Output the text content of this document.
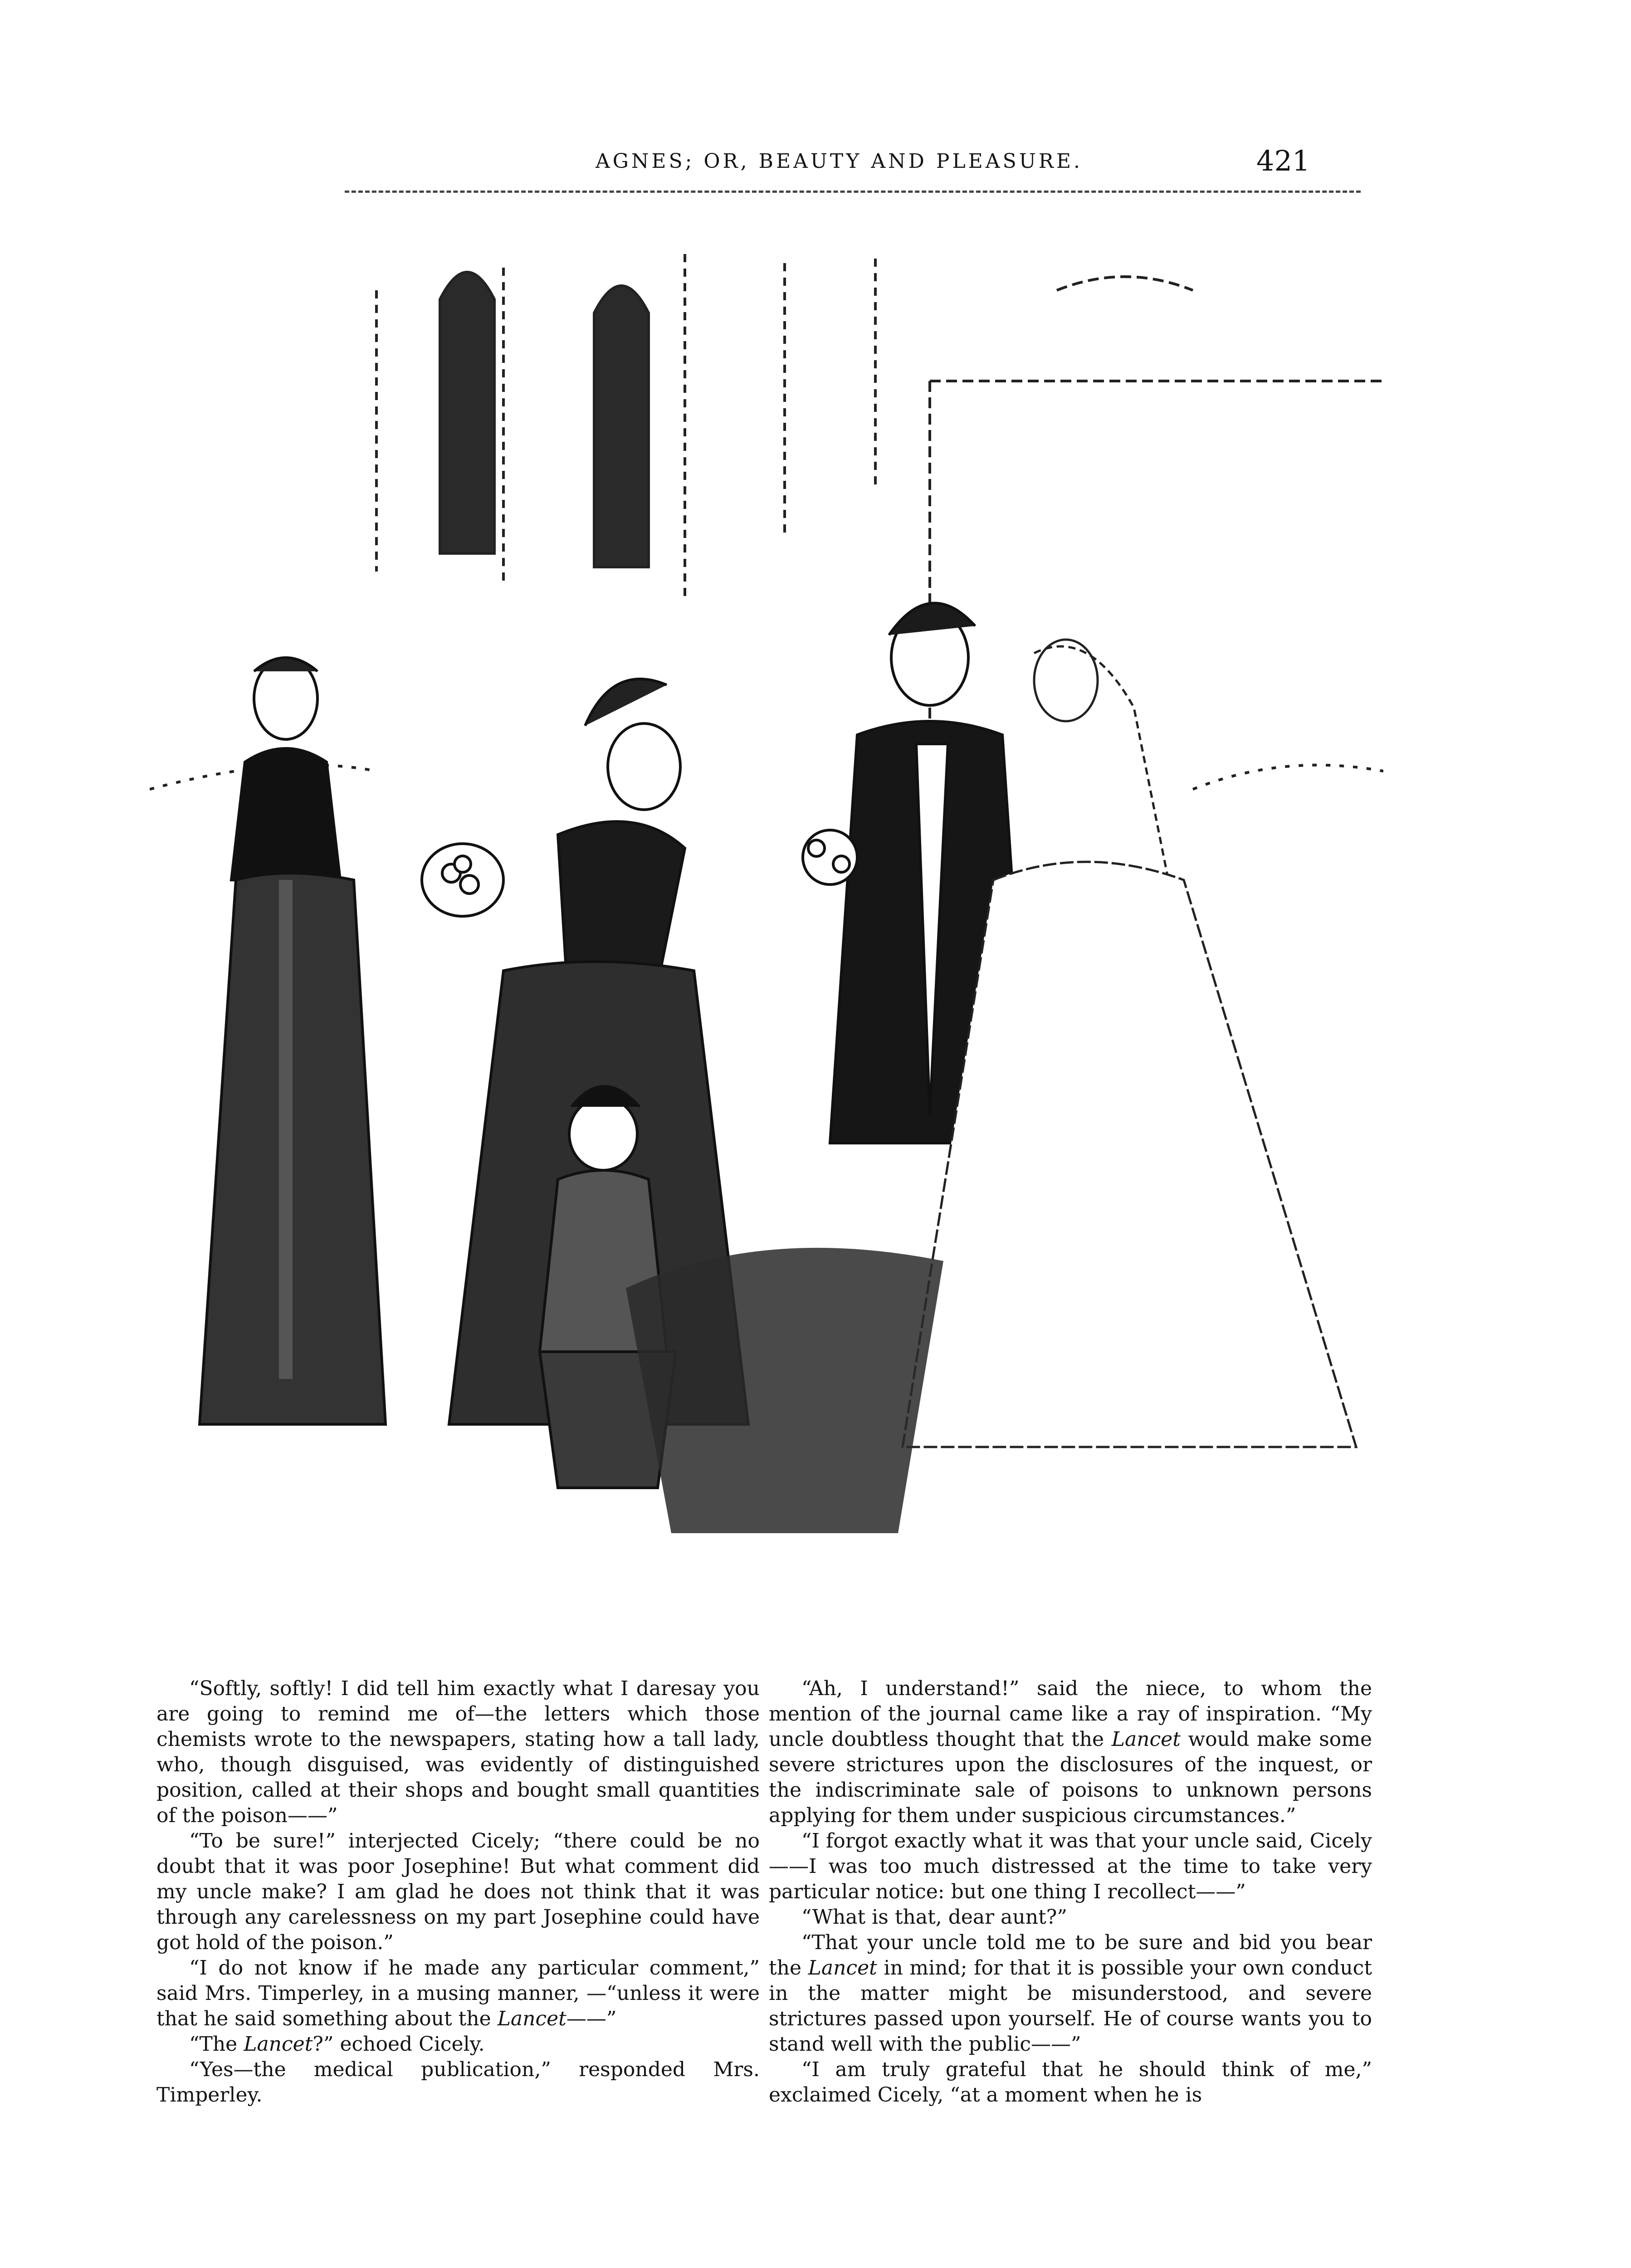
AGNES; OR, BEAUTY AND PLEASURE.	421

“Softly, softly! I did tell him exactly what I daresay you are going to remind me of—the letters which those chemists wrote to the newspapers, stating how a tall lady, who, though disguised, was evidently of distinguished position, called at their shops and bought small quantities of the poison——”

“To be sure!” interjected Cicely; “there could be no doubt that it was poor Josephine! But what comment did my uncle make? I am glad he does not think that it was through any carelessness on my part Josephine could have got hold of the poison.”

“I do not know if he made any particular comment,” said Mrs. Timperley, in a musing manner, —“unless it were that he said something about the Lancet——”

“The Lancet?” echoed Cicely.

“Yes—the medical publication,” responded Mrs. Timperley.

“Ah, I understand!” said the niece, to whom the mention of the journal came like a ray of inspiration. “My uncle doubtless thought that the Lancet would make some severe strictures upon the disclosures of the inquest, or the indiscriminate sale of poisons to unknown persons applying for them under suspicious circumstances.”

“I forgot exactly what it was that your uncle said, Cicely——I was too much distressed at the time to take very particular notice: but one thing I recollect——”

“What is that, dear aunt?”

“That your uncle told me to be sure and bid you bear the Lancet in mind; for that it is possible your own conduct in the matter might be misunderstood, and severe strictures passed upon yourself. He of course wants you to stand well with the public——”

“I am truly grateful that he should think of me,” exclaimed Cicely, “at a moment when he is
